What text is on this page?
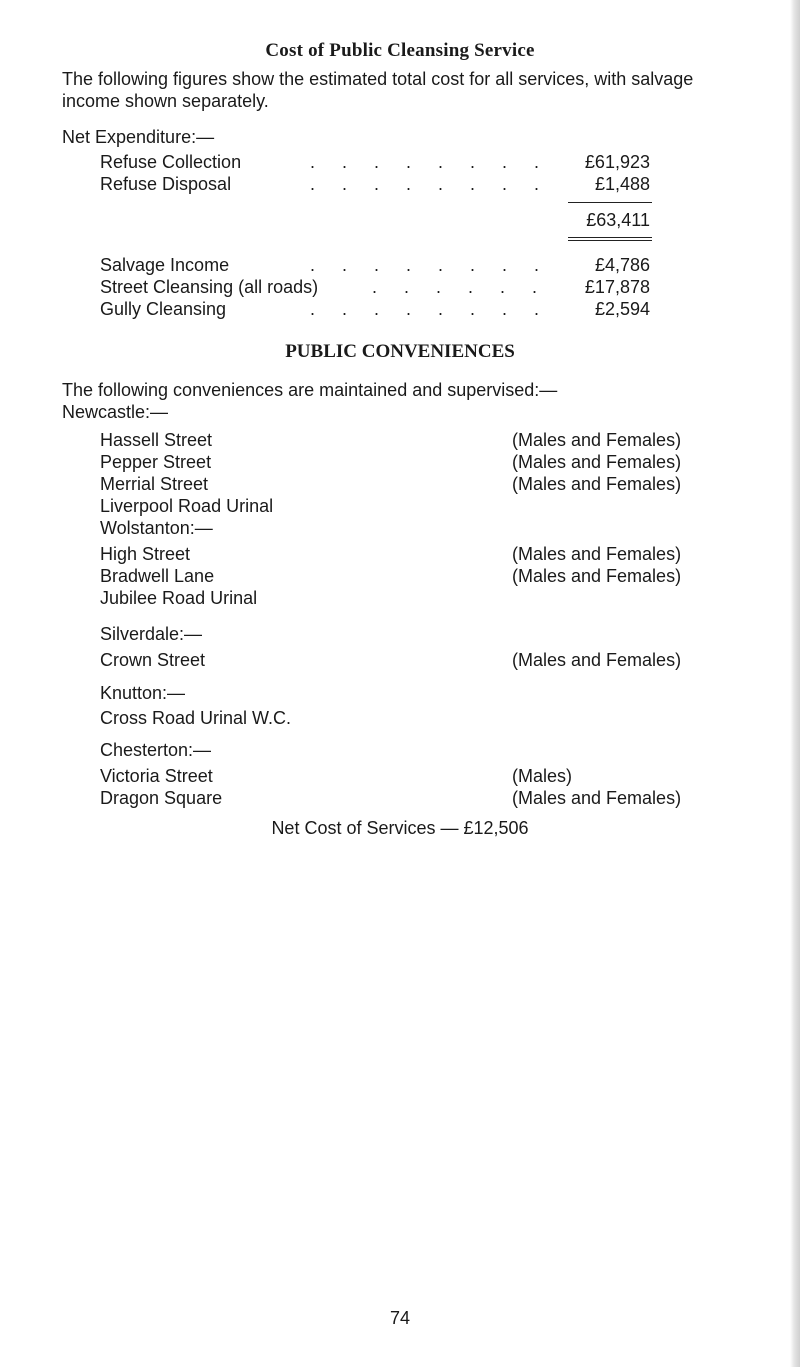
Cost of Public Cleansing Service
The following figures show the estimated total cost for all services, with salvage
income shown separately.
Net Expenditure:—
Refuse Collection	. . . . . . . . £61,923
Refuse Disposal	. . . . . . . . £1,488
£63,411
Salvage Income	. . . . . . . . £4,786
Street Cleansing (all roads)	. . . . . . £17,878
Gully Cleansing	. . . . . . . . £2,594
PUBLIC CONVENIENCES
The following conveniences are maintained and supervised:—
Newcastle:—
Hassell Street	(Males and Females)
Pepper Street	(Males and Females)
Merrial Street	(Males and Females)
Liverpool Road Urinal
Wolstanton:—
High Street	(Males and Females)
Bradwell Lane	(Males and Females)
Jubilee Road Urinal
Silverdale:—
Crown Street	(Males and Females)
Knutton:—
Cross Road Urinal W.C.
Chesterton:—
Victoria Street	(Males)
Dragon Square	(Males and Females)
Net Cost of Services — £12,506
74
